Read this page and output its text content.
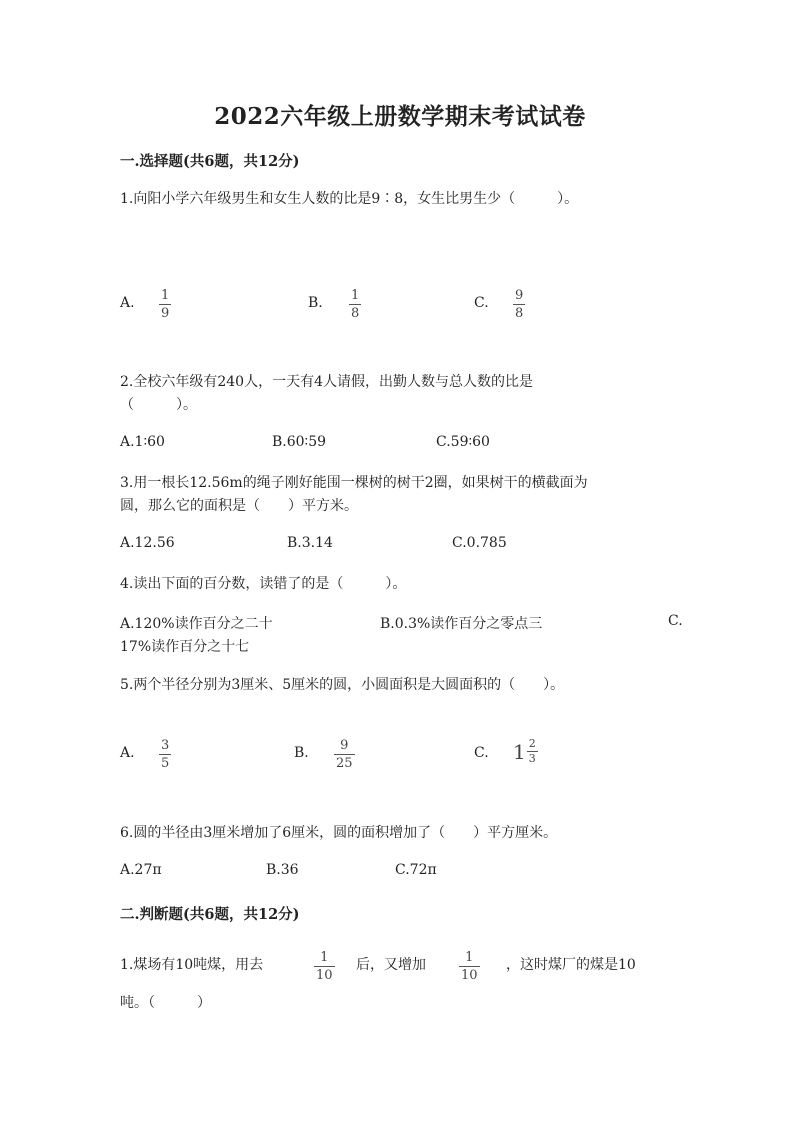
2022六年级上册数学期末考试试卷
一.选择题(共6题，共12分)
1.向阳小学六年级男生和女生人数的比是9∶8，女生比男生少（　　　）。
A. 1
9
B. 1
8
C. 9
8
2.全校六年级有240人，一天有4人请假，出勤人数与总人数的比是
（　　　）。
A.1∶60	B.60∶59	C.59∶60
3.用一根长12.56m的绳子刚好能围一棵树的树干2圈，如果树干的横截面为
圆，那么它的面积是（　　）平方米。
A.12.56	B.3.14	C.0.785
4.读出下面的百分数，读错了的是（　　　）。
A.120%读作百分之二十	B.0.3%读作百分之零点三	C.
17%读作百分之十七
5.两个半径分别为3厘米、5厘米的圆，小圆面积是大圆面积的（　　）。
A. 3
5
B. 9
25
C. $1 \frac{2}{3}$
6.圆的半径由3厘米增加了6厘米，圆的面积增加了（　　）平方厘米。
A.27π	B.36	C.72π
二.判断题(共6题，共12分)
1.煤场有10吨煤，用去	1
10
后，又增加	1
10
，这时煤厂的煤是10
吨。（　　　）
